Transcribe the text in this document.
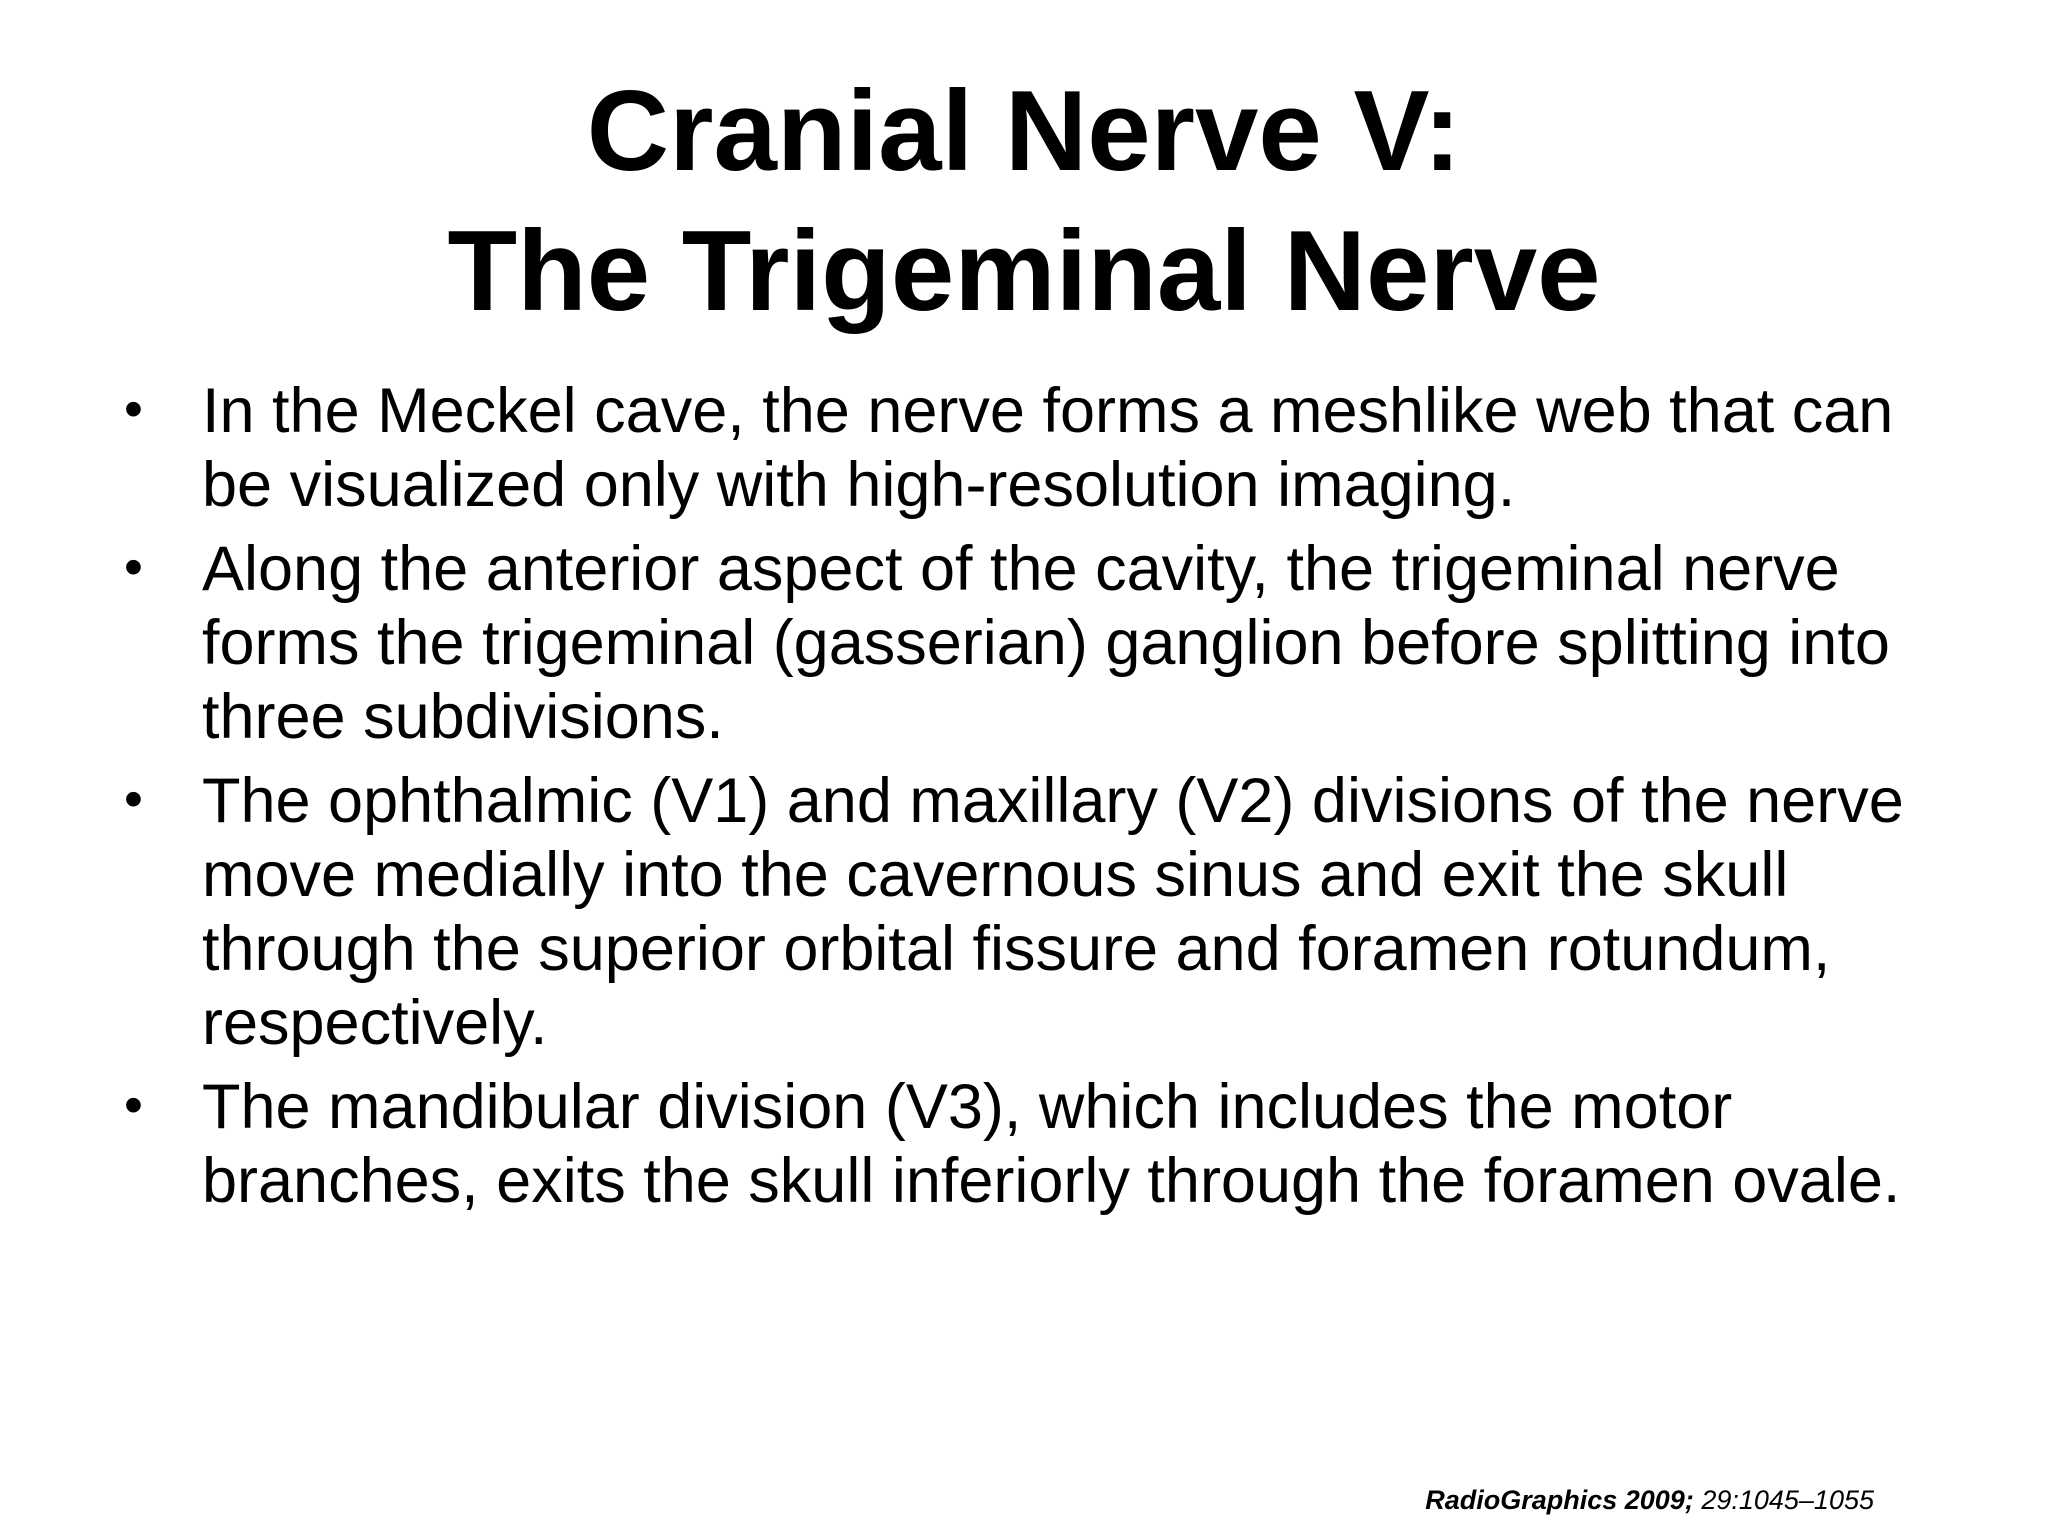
Cranial Nerve V:
The Trigeminal Nerve
• In the Meckel cave, the nerve forms a meshlike web that can be visualized only with high-resolution imaging.
• Along the anterior aspect of the cavity, the trigeminal nerve forms the trigeminal (gasserian) ganglion before splitting into three subdivisions.
• The ophthalmic (V1) and maxillary (V2) divisions of the nerve move medially into the cavernous sinus and exit the skull through the superior orbital fissure and foramen rotundum, respectively.
• The mandibular division (V3), which includes the motor branches, exits the skull inferiorly through the foramen ovale.
RadioGraphics 2009; 29:1045–1055
